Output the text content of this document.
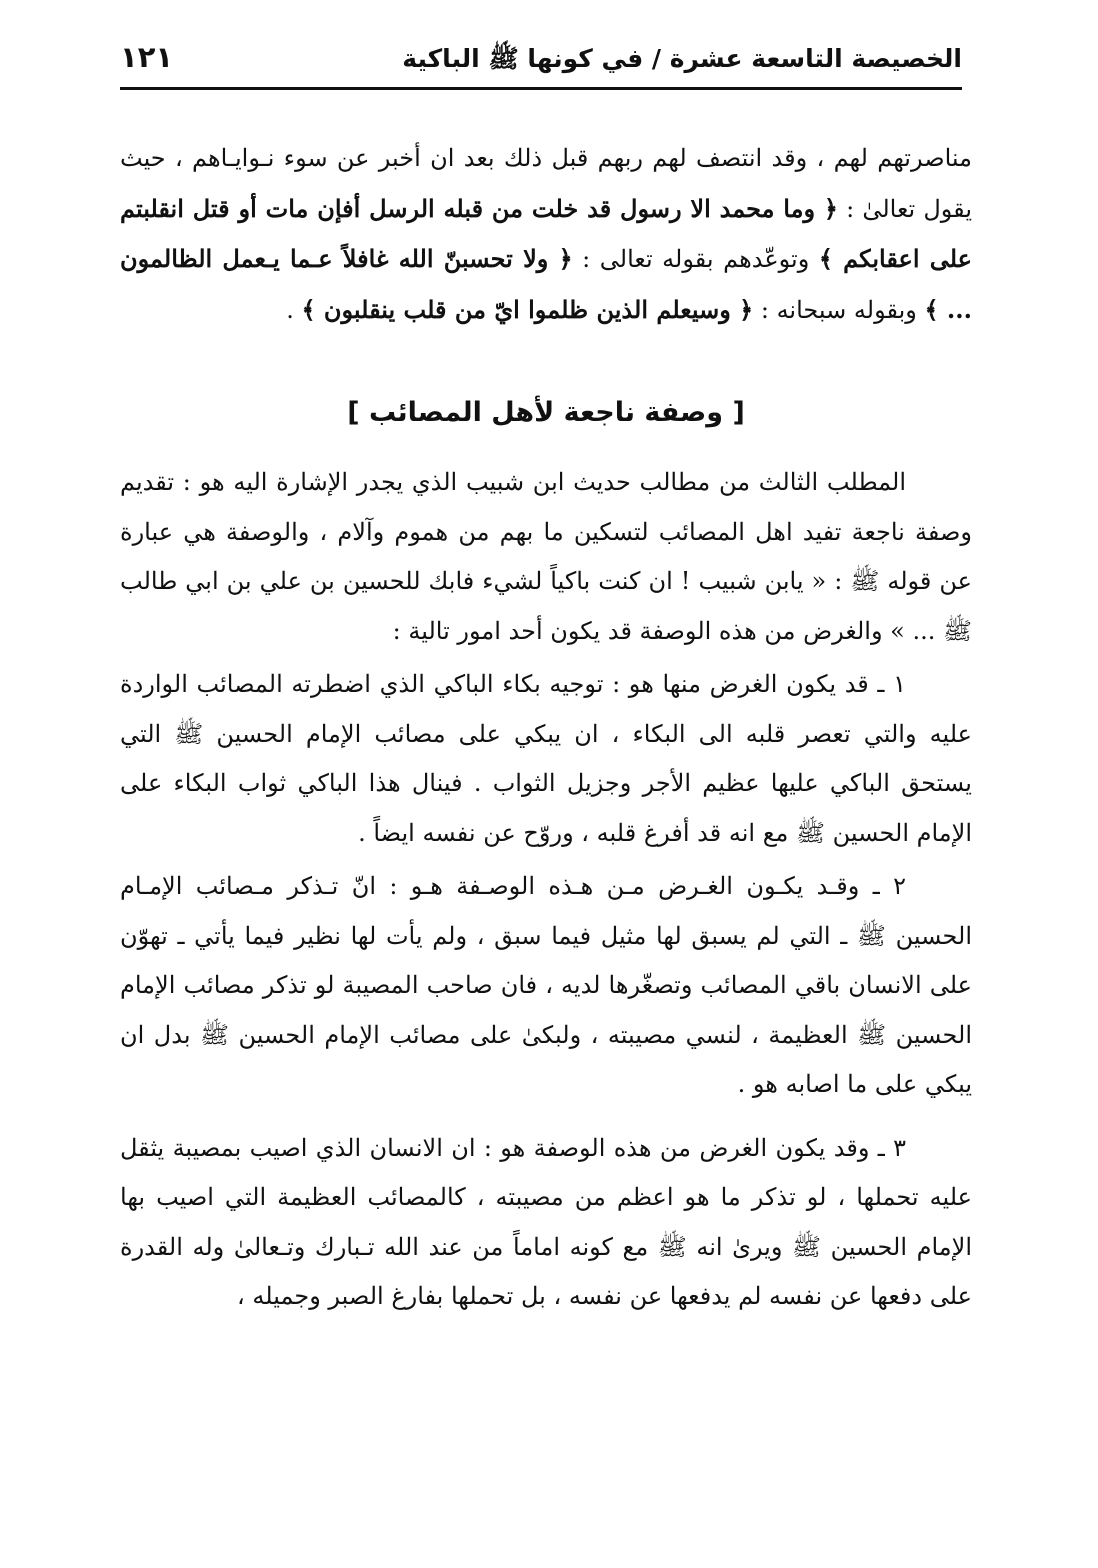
الخصيصة التاسعة عشرة / في كونها ﷺ الباكية
١٢١
مناصرتهم لهم ، وقد انتصف لهم ربهم قبل ذلك بعد ان أخبر عن سوء نـوايـاهم ، حيث يقول تعالىٰ : ﴿ وما محمد الا رسول قد خلت من قبله الرسل أفإن مات أو قتل انقلبتم على اعقابكم ﴾ وتوعّدهم بقوله تعالى : ﴿ ولا تحسبنّ الله غافلاً عـما يـعمل الظالمون ... ﴾ وبقوله سبحانه : ﴿ وسيعلم الذين ظلموا ايّ من قلب ينقلبون ﴾ .
[ وصفة ناجعة لأهل المصائب ]

المطلب الثالث من مطالب حديث ابن شبيب الذي يجدر الإشارة اليه هو : تقديم وصفة ناجعة تفيد اهل المصائب لتسكين ما بهم من هموم وآلام ، والوصفة هي عبارة عن قوله ﷺ : « يابن شبيب ! ان كنت باكياً لشيء فابك للحسين بن علي بن ابي طالب ﷺ ... » والغرض من هذه الوصفة قد يكون أحد امور تالية :

١ ـ قد يكون الغرض منها هو : توجيه بكاء الباكي الذي اضطرته المصائب الواردة عليه والتي تعصر قلبه الى البكاء ، ان يبكي على مصائب الإمام الحسين ﷺ التي يستحق الباكي عليها عظيم الأجر وجزيل الثواب . فينال هذا الباكي ثواب البكاء على الإمام الحسين ﷺ مع انه قد أفرغ قلبه ، وروّح عن نفسه ايضاً .

٢ ـ وقـد يكـون الغـرض مـن هـذه الوصـفة هـو : انّ تـذكر مـصائب الإمـام الحسين ﷺ ـ التي لم يسبق لها مثيل فيما سبق ، ولم يأت لها نظير فيما يأتي ـ تهوّن على الانسان باقي المصائب وتصغّرها لديه ، فان صاحب المصيبة لو تذكر مصائب الإمام الحسين ﷺ العظيمة ، لنسي مصيبته ، ولبكىٰ على مصائب الإمام الحسين ﷺ بدل ان يبكي على ما اصابه هو .

٣ ـ وقد يكون الغرض من هذه الوصفة هو : ان الانسان الذي اصيب بمصيبة يثقل عليه تحملها ، لو تذكر ما هو اعظم من مصيبته ، كالمصائب العظيمة التي اصيب بها الإمام الحسين ﷺ ويرىٰ انه ﷺ مع كونه اماماً من عند الله تـبارك وتـعالىٰ وله القدرة على دفعها عن نفسه لم يدفعها عن نفسه ، بل تحملها بفارغ الصبر وجميله ،
